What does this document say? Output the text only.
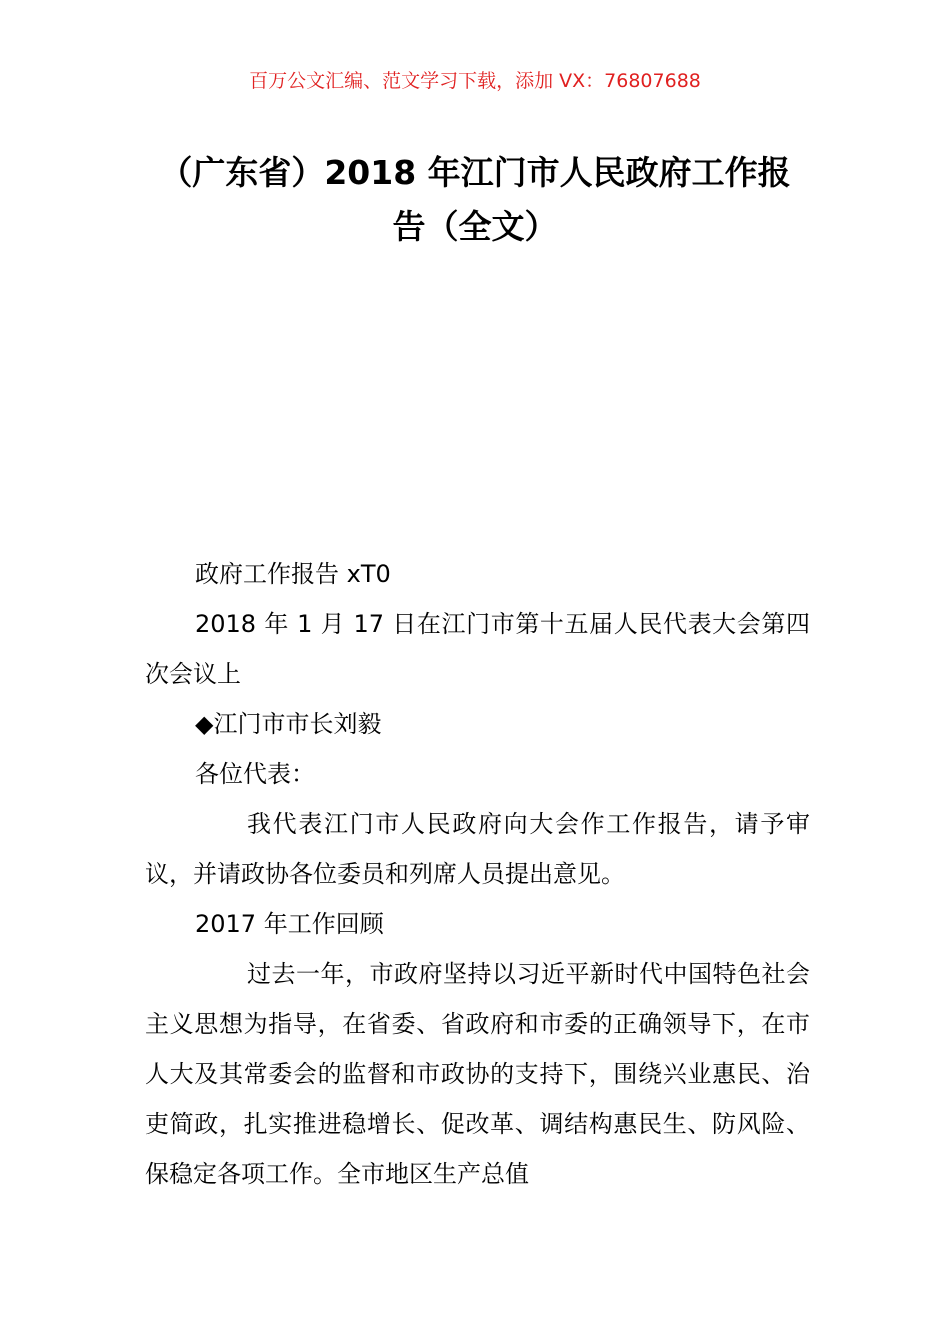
百万公文汇编、范文学习下载，添加 VX：76807688
（广东省）2018 年江门市人民政府工作报
告（全文）

政府工作报告 xT0

2018 年 1 月 17 日在江门市第十五届人民代表大会第四次会议上

◆江门市市长刘毅

各位代表：

我代表江门市人民政府向大会作工作报告，请予审议，并请政协各位委员和列席人员提出意见。

2017 年工作回顾

过去一年，市政府坚持以习近平新时代中国特色社会主义思想为指导，在省委、省政府和市委的正确领导下，在市人大及其常委会的监督和市政协的支持下，围绕兴业惠民、治吏简政，扎实推进稳增长、促改革、调结构惠民生、防风险、保稳定各项工作。全市地区生产总值
